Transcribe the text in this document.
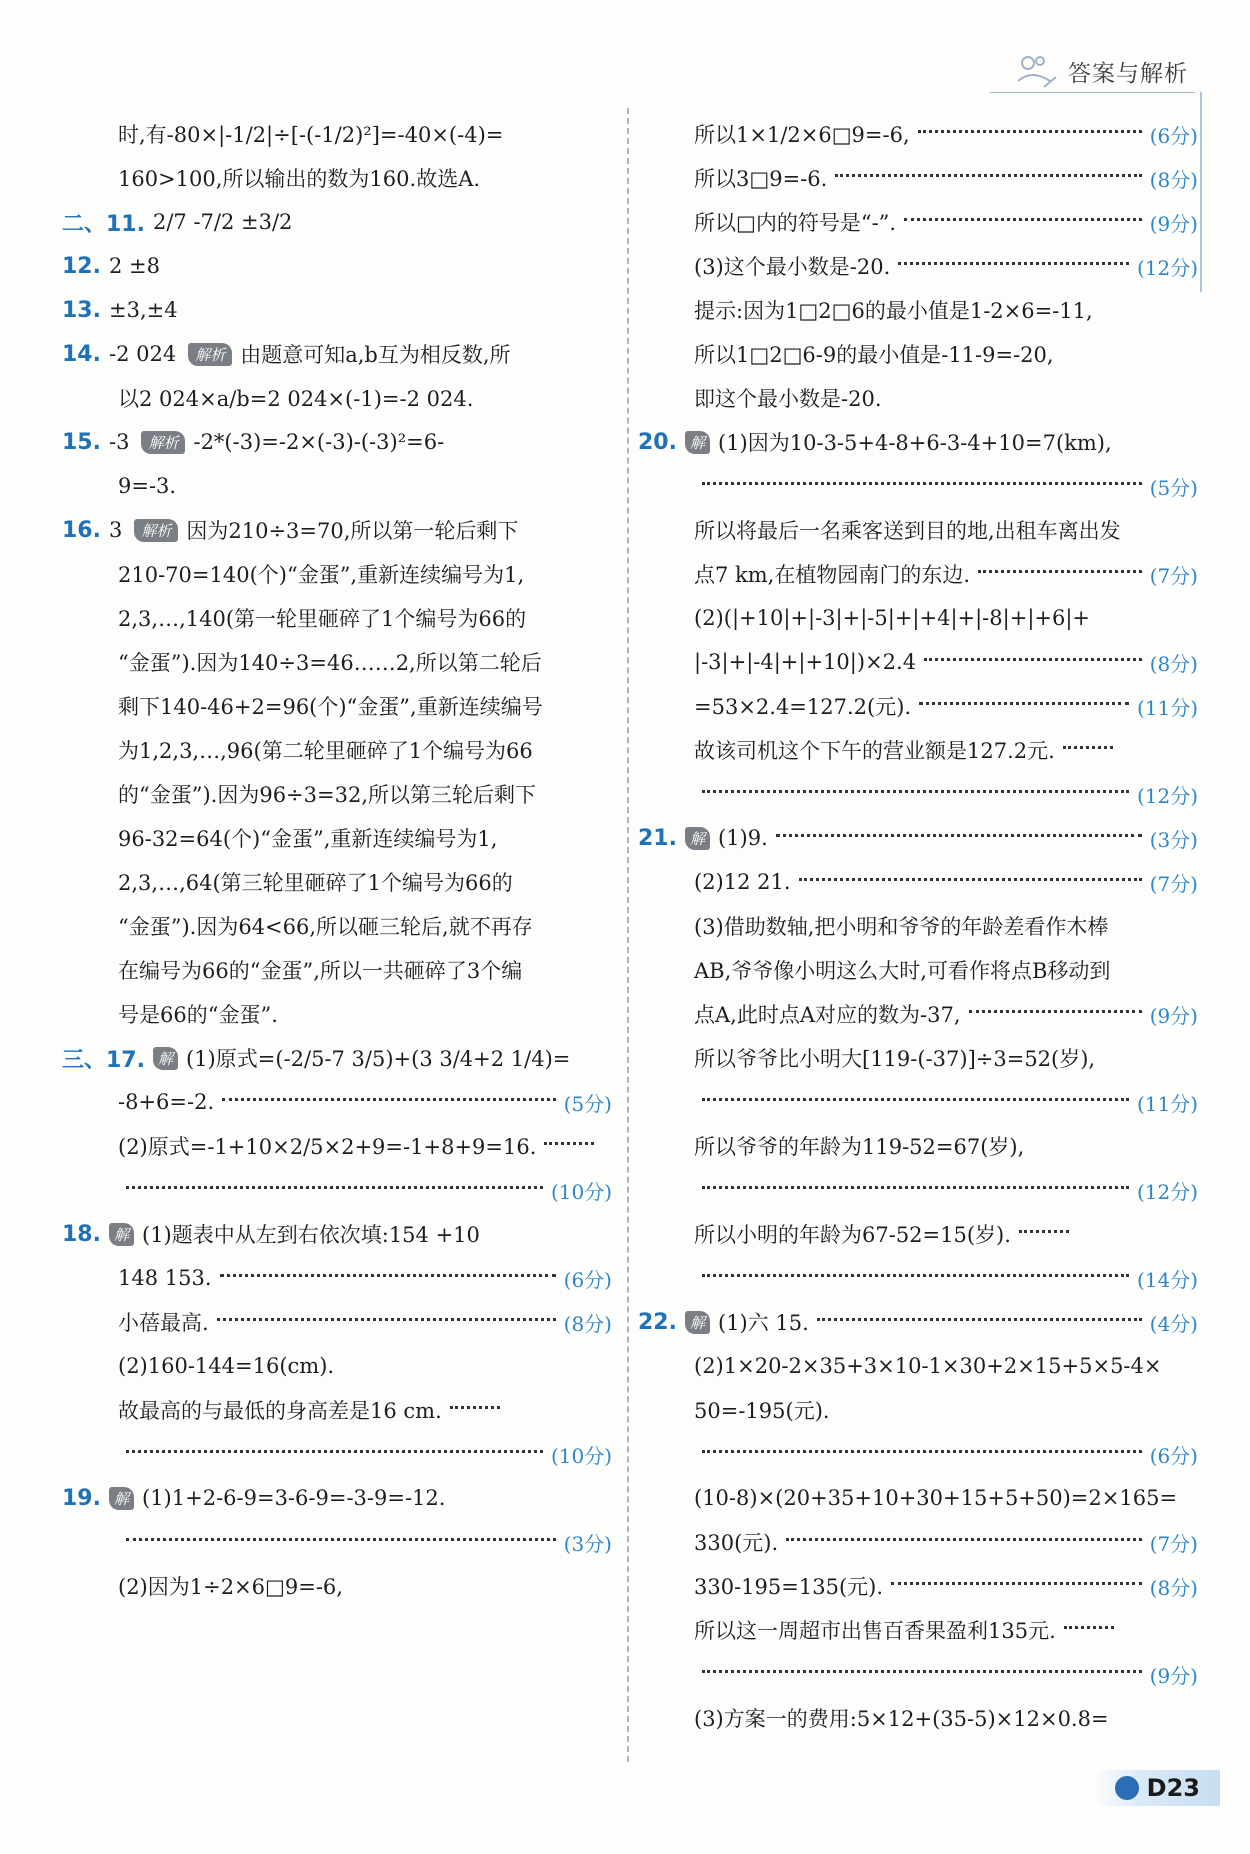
答案与解析
时,有-80×|-1/2|÷[-(-1/2)²]=-40×(-4)=
160>100,所以输出的数为160.故选A.
二、11. 2/7 -7/2 ±3/2
12. 2 ±8
13. ±3,±4
14. -2 024	解析 由题意可知a,b互为相反数,所
以2 024×a/b=2 024×(-1)=-2 024.
15. -3	解析 -2*(-3)=-2×(-3)-(-3)²=6-
9=-3.
16. 3	解析 因为210÷3=70,所以第一轮后剩下
210-70=140(个)“金蛋”,重新连续编号为1,
2,3,…,140(第一轮里砸碎了1个编号为66的
“金蛋”).因为140÷3=46……2,所以第二轮后
剩下140-46+2=96(个)“金蛋”,重新连续编号
为1,2,3,…,96(第二轮里砸碎了1个编号为66
的“金蛋”).因为96÷3=32,所以第三轮后剩下
96-32=64(个)“金蛋”,重新连续编号为1,
2,3,…,64(第三轮里砸碎了1个编号为66的
“金蛋”).因为64<66,所以砸三轮后,就不再存
在编号为66的“金蛋”,所以一共砸碎了3个编
号是66的“金蛋”.
三、17. 解 (1)原式=(-2/5-7 3/5)+(3 3/4+2 1/4)=
-8+6=-2.	(5分)
(2)原式=-1+10×2/5×2+9=-1+8+9=16.
(10分)
18. 解 (1)题表中从左到右依次填:154 +10
148 153.	(6分)
小蓓最高.	(8分)
(2)160-144=16(cm).
故最高的与最低的身高差是16 cm.
(10分)
19. 解 (1)1+2-6-9=3-6-9=-3-9=-12.
(3分)
(2)因为1÷2×6□9=-6,
所以1×1/2×6□9=-6,	(6分)
所以3□9=-6.	(8分)
所以□内的符号是“-”.	(9分)
(3)这个最小数是-20.	(12分)
提示:因为1□2□6的最小值是1-2×6=-11,
所以1□2□6-9的最小值是-11-9=-20,
即这个最小数是-20.
20. 解 (1)因为10-3-5+4-8+6-3-4+10=7(km),
(5分)
所以将最后一名乘客送到目的地,出租车离出发
点7 km,在植物园南门的东边.	(7分)
(2)(|+10|+|-3|+|-5|+|+4|+|-8|+|+6|+
|-3|+|-4|+|+10|)×2.4	(8分)
=53×2.4=127.2(元).	(11分)
故该司机这个下午的营业额是127.2元.
(12分)
21. 解 (1)9.	(3分)
(2)12 21.	(7分)
(3)借助数轴,把小明和爷爷的年龄差看作木棒
AB,爷爷像小明这么大时,可看作将点B移动到
点A,此时点A对应的数为-37,	(9分)
所以爷爷比小明大[119-(-37)]÷3=52(岁),
(11分)
所以爷爷的年龄为119-52=67(岁),
(12分)
所以小明的年龄为67-52=15(岁).
(14分)
22. 解 (1)六 15.	(4分)
(2)1×20-2×35+3×10-1×30+2×15+5×5-4×
50=-195(元).
(6分)
(10-8)×(20+35+10+30+15+5+50)=2×165=
330(元).	(7分)
330-195=135(元).	(8分)
所以这一周超市出售百香果盈利135元.
(9分)
(3)方案一的费用:5×12+(35-5)×12×0.8=
D23
